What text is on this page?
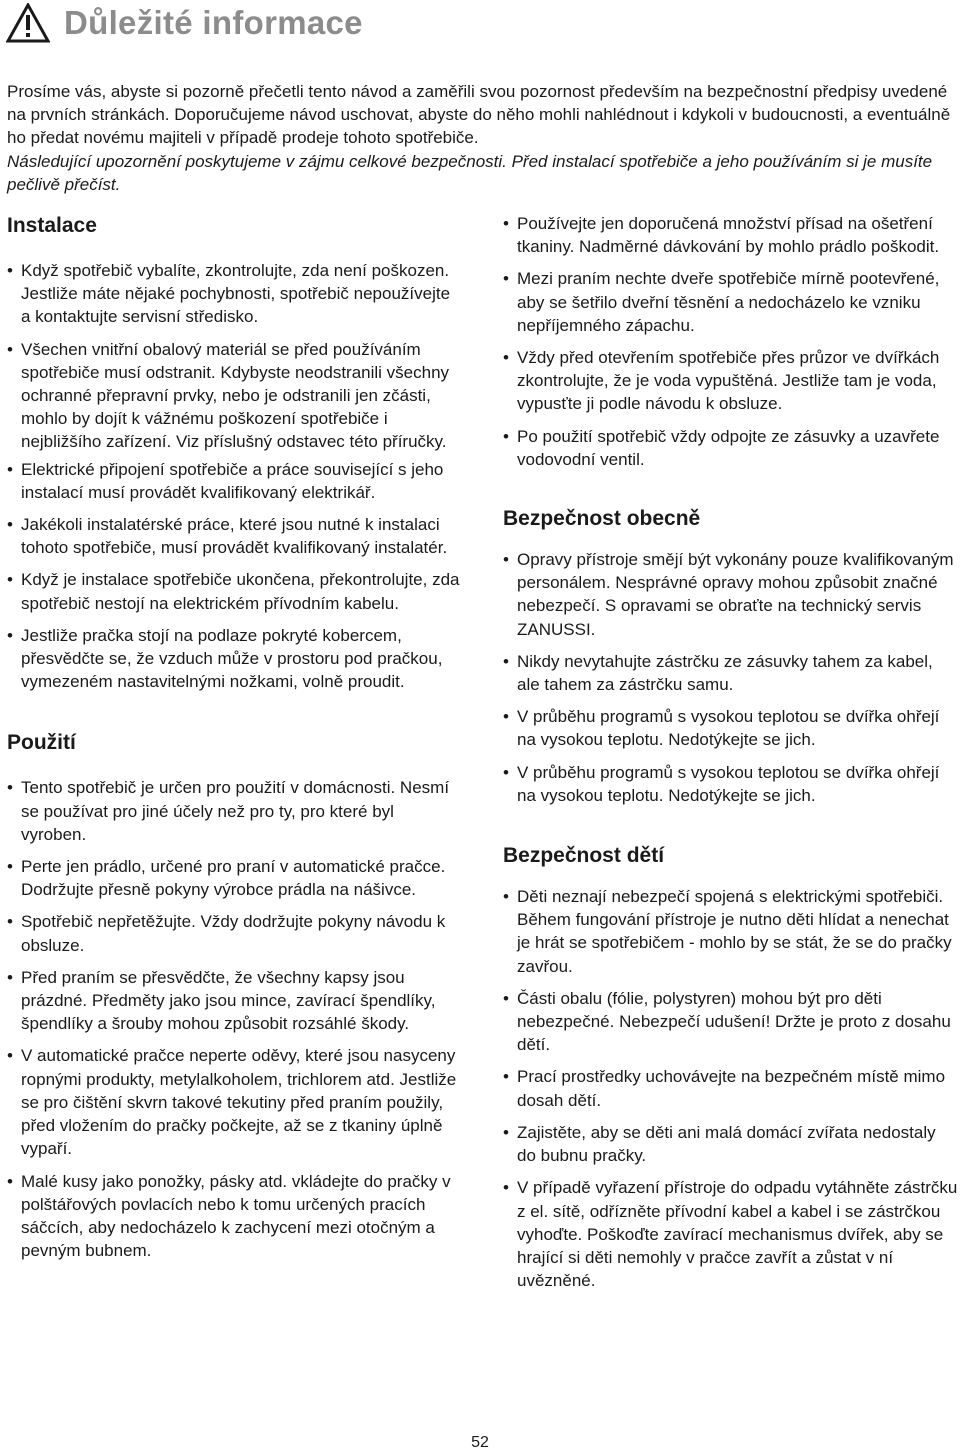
Důležité informace

Prosíme vás, abyste si pozorně přečetli tento návod a zaměřili svou pozornost především na bezpečnostní předpisy uvedené na prvních stránkách. Doporučujeme návod uschovat, abyste do něho mohli nahlédnout i kdykoli v budoucnosti, a eventuálně ho předat novému majiteli v případě prodeje tohoto spotřebiče.

Následující upozornění poskytujeme v zájmu celkové bezpečnosti. Před instalací spotřebiče a jeho používáním si je musíte pečlivě přečíst.

Instalace
• Když spotřebič vybalíte, zkontrolujte, zda není poškozen. Jestliže máte nějaké pochybnosti, spotřebič nepoužívejte a kontaktujte servisní středisko.
• Všechen vnitřní obalový materiál se před používáním spotřebiče musí odstranit. Kdybyste neodstranili všechny ochranné přepravní prvky, nebo je odstranili jen zčásti, mohlo by dojít k vážnému poškození spotřebiče i nejbližšího zařízení. Viz příslušný odstavec této příručky.
• Elektrické připojení spotřebiče a práce související s jeho instalací musí provádět kvalifikovaný elektrikář.
• Jakékoli instalatérské práce, které jsou nutné k instalaci tohoto spotřebiče, musí provádět kvalifikovaný instalatér.
• Když je instalace spotřebiče ukončena, překontrolujte, zda spotřebič nestojí na elektrickém přívodním kabelu.
• Jestliže pračka stojí na podlaze pokryté kobercem, přesvědčte se, že vzduch může v prostoru pod pračkou, vymezeném nastavitelnými nožkami, volně proudit.
Použití
• Tento spotřebič je určen pro použití v domácnosti. Nesmí se používat pro jiné účely než pro ty, pro které byl vyroben.
• Perte jen prádlo, určené pro praní v automatické pračce. Dodržujte přesně pokyny výrobce prádla na nášivce.
• Spotřebič nepřetěžujte. Vždy dodržujte pokyny návodu k obsluze.
• Před praním se přesvědčte, že všechny kapsy jsou prázdné. Předměty jako jsou mince, zavírací špendlíky, špendlíky a šrouby mohou způsobit rozsáhlé škody.
• V automatické pračce neperte oděvy, které jsou nasyceny ropnými produkty, metylalkoholem, trichlorem atd. Jestliže se pro čištění skvrn takové tekutiny před praním použily, před vložením do pračky počkejte, až se z tkaniny úplně vypaří.
• Malé kusy jako ponožky, pásky atd. vkládejte do pračky v polštářových povlacích nebo k tomu určených pracích sáčcích, aby nedocházelo k zachycení mezi otočným a pevným bubnem.
• Používejte jen doporučená množství přísad na ošetření tkaniny. Nadměrné dávkování by mohlo prádlo poškodit.
• Mezi praním nechte dveře spotřebiče mírně pootevřené, aby se šetřilo dveřní těsnění a nedocházelo ke vzniku nepříjemného zápachu.
• Vždy před otevřením spotřebiče přes průzor ve dvířkách zkontrolujte, že je voda vypuštěná. Jestliže tam je voda, vypusťte ji podle návodu k obsluze.
• Po použití spotřebič vždy odpojte ze zásuvky a uzavřete vodovodní ventil.
Bezpečnost obecně
• Opravy přístroje smějí být vykonány pouze kvalifikovaným personálem. Nesprávné opravy mohou způsobit značné nebezpečí. S opravami se obraťte na technický servis ZANUSSI.
• Nikdy nevytahujte zástrčku ze zásuvky tahem za kabel, ale tahem za zástrčku samu.
• V průběhu programů s vysokou teplotou se dvířka ohřejí na vysokou teplotu. Nedotýkejte se jich.
• V průběhu programů s vysokou teplotou se dvířka ohřejí na vysokou teplotu. Nedotýkejte se jich.
Bezpečnost dětí
• Děti neznají nebezpečí spojená s elektrickými spotřebiči. Během fungování přístroje je nutno děti hlídat a nenechat je hrát se spotřebičem - mohlo by se stát, že se do pračky zavřou.
• Části obalu (fólie, polystyren) mohou být pro děti nebezpečné. Nebezpečí udušení! Držte je proto z dosahu dětí.
• Prací prostředky uchovávejte na bezpečném místě mimo dosah dětí.
• Zajistěte, aby se děti ani malá domácí zvířata nedostaly do bubnu pračky.
• V případě vyřazení přístroje do odpadu vytáhněte zástrčku z el. sítě, odřízněte přívodní kabel a kabel i se zástrčkou vyhoďte. Poškoďte zavírací mechanismus dvířek, aby se hrající si děti nemohly v pračce zavřít a zůstat v ní uvězněné.
52
